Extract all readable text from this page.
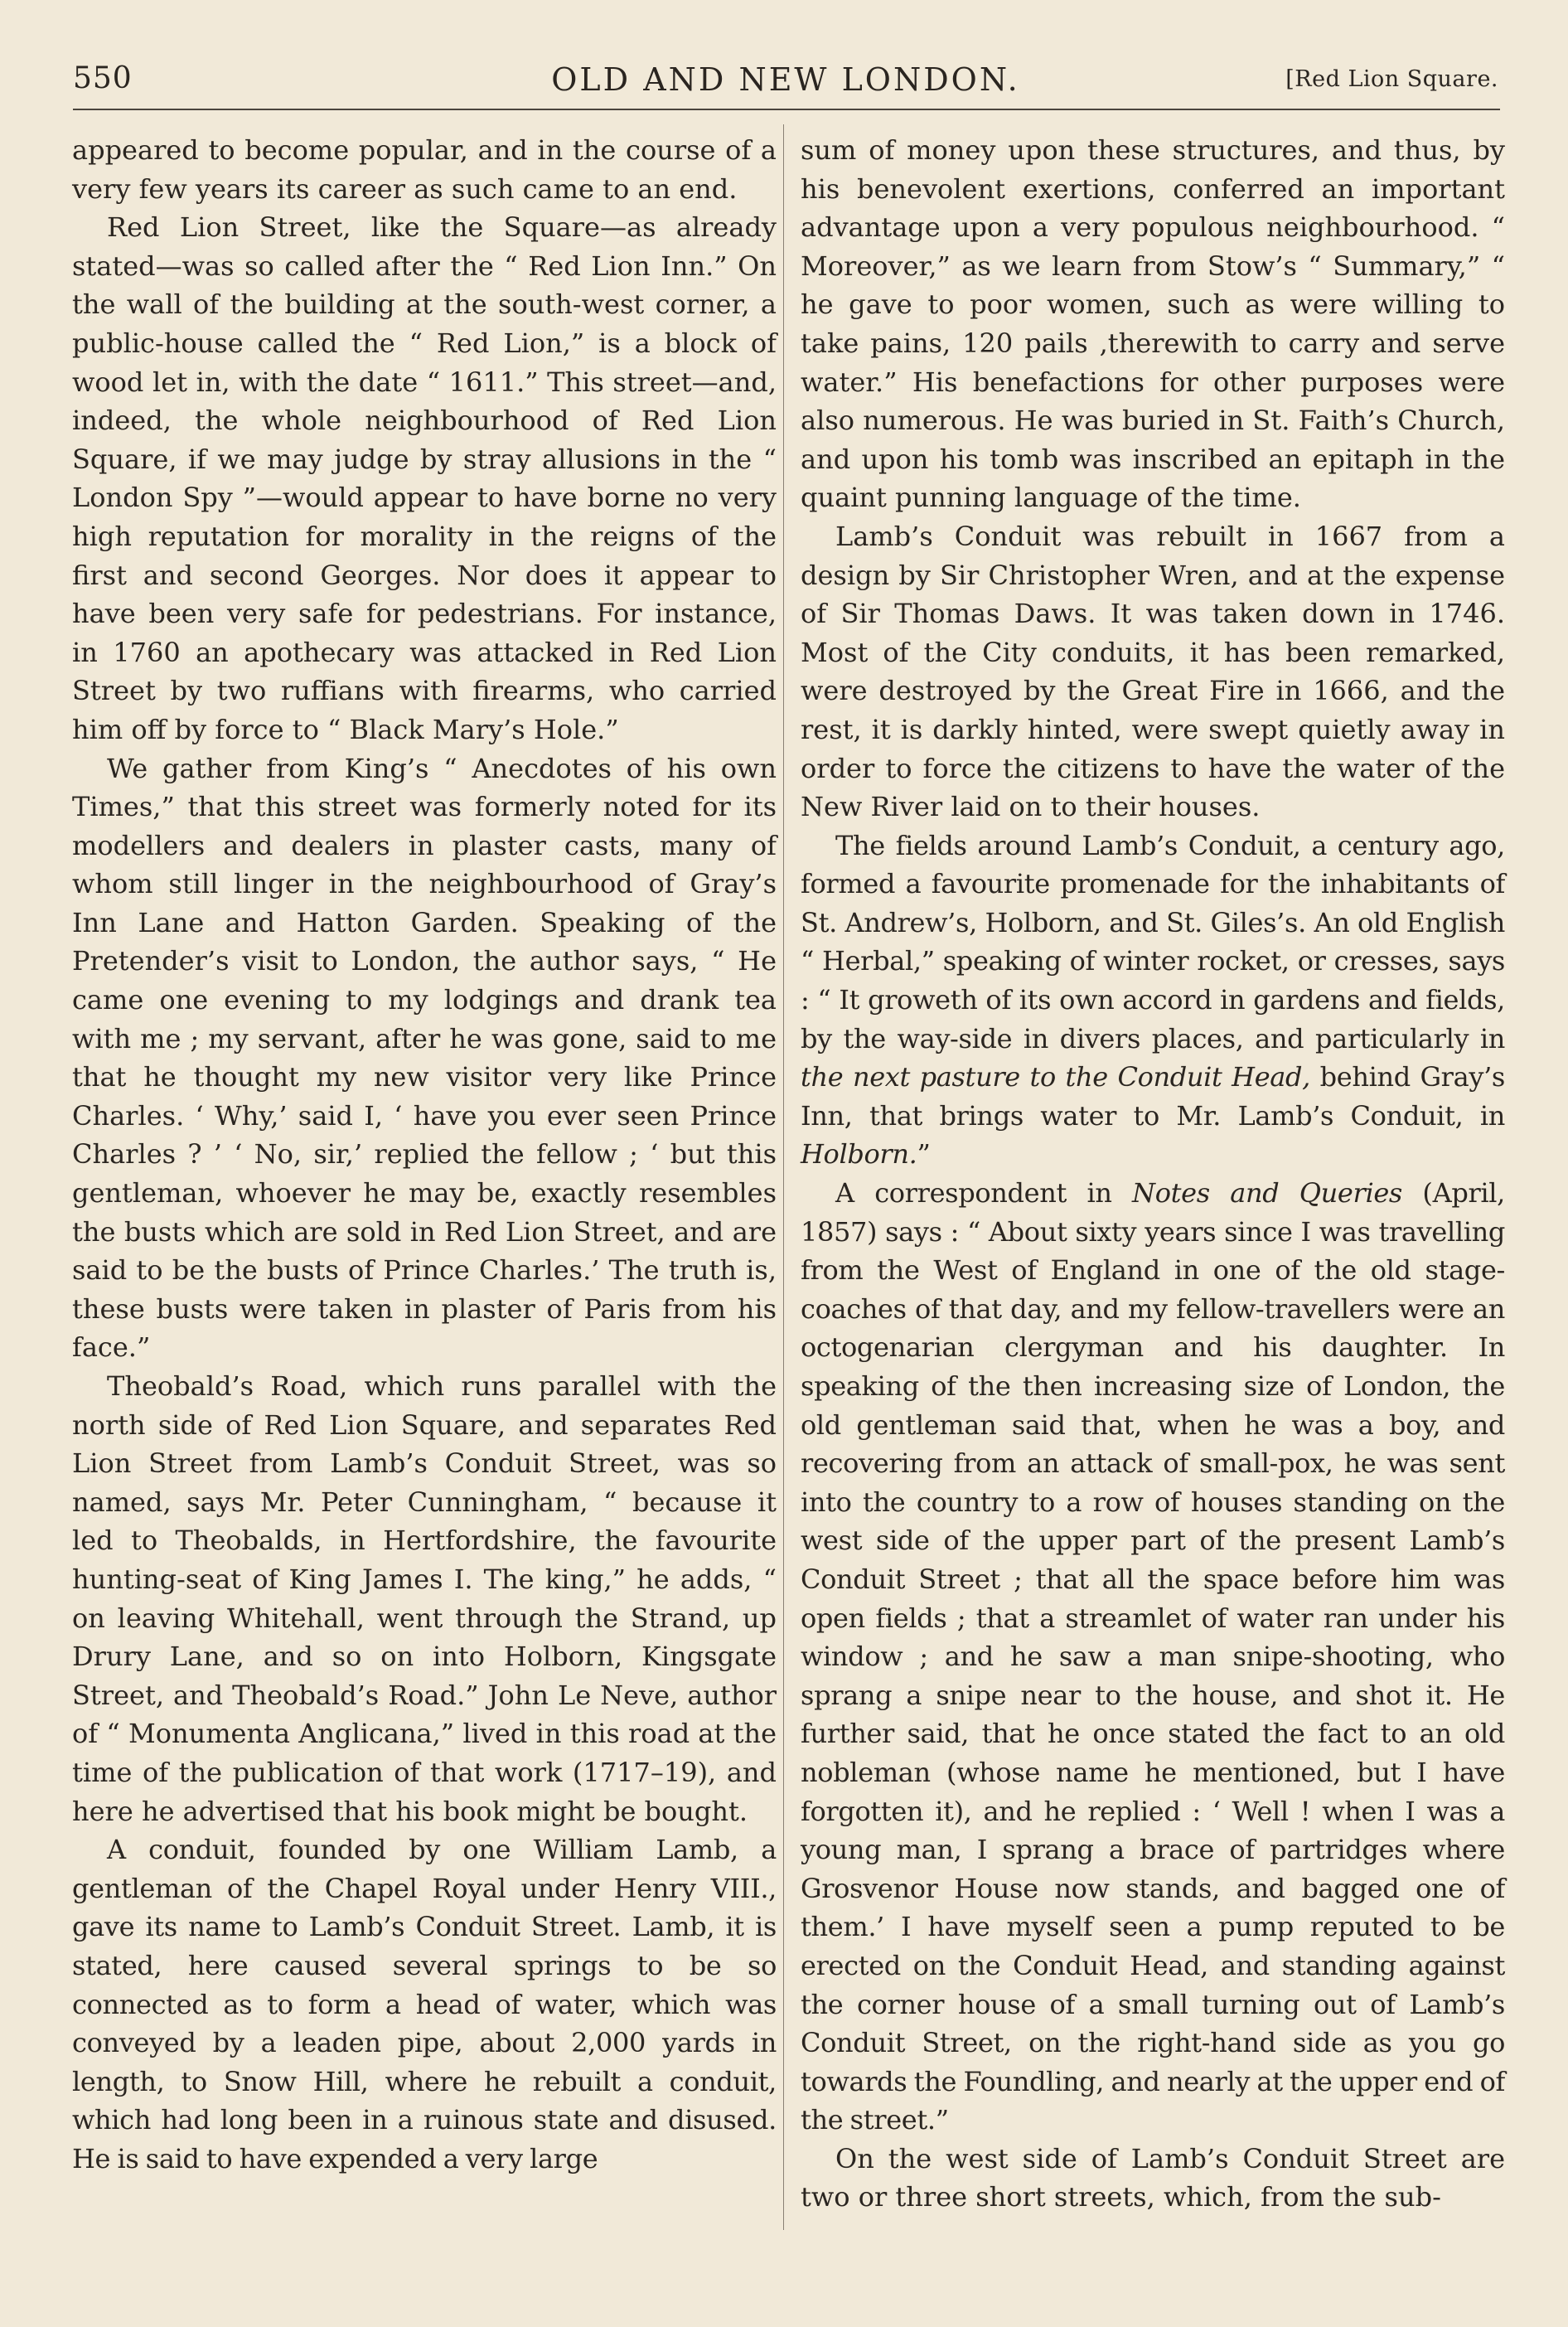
550	OLD AND NEW LONDON.	[Red Lion Square.

appeared to become popular, and in the course of a very few years its career as such came to an end.

Red Lion Street, like the Square—as already stated—was so called after the “ Red Lion Inn.” On the wall of the building at the south-west corner, a public-house called the “ Red Lion,” is a block of wood let in, with the date “ 1611.” This street—and, indeed, the whole neighbourhood of Red Lion Square, if we may judge by stray allusions in the “ London Spy ”—would appear to have borne no very high reputation for morality in the reigns of the first and second Georges. Nor does it appear to have been very safe for pedestrians. For instance, in 1760 an apothecary was attacked in Red Lion Street by two ruffians with firearms, who carried him off by force to “ Black Mary’s Hole.”

We gather from King’s “ Anecdotes of his own Times,” that this street was formerly noted for its modellers and dealers in plaster casts, many of whom still linger in the neighbourhood of Gray’s Inn Lane and Hatton Garden. Speaking of the Pretender’s visit to London, the author says, “ He came one evening to my lodgings and drank tea with me ; my servant, after he was gone, said to me that he thought my new visitor very like Prince Charles. ‘ Why,’ said I, ‘ have you ever seen Prince Charles ? ’ ‘ No, sir,’ replied the fellow ; ‘ but this gentleman, whoever he may be, exactly resembles the busts which are sold in Red Lion Street, and are said to be the busts of Prince Charles.’ The truth is, these busts were taken in plaster of Paris from his face.”

Theobald’s Road, which runs parallel with the north side of Red Lion Square, and separates Red Lion Street from Lamb’s Conduit Street, was so named, says Mr. Peter Cunningham, “ because it led to Theobalds, in Hertfordshire, the favourite hunting-seat of King James I. The king,” he adds, “ on leaving Whitehall, went through the Strand, up Drury Lane, and so on into Holborn, Kingsgate Street, and Theobald’s Road.” John Le Neve, author of “ Monumenta Anglicana,” lived in this road at the time of the publication of that work (1717–19), and here he advertised that his book might be bought.

A conduit, founded by one William Lamb, a gentleman of the Chapel Royal under Henry VIII., gave its name to Lamb’s Conduit Street. Lamb, it is stated, here caused several springs to be so connected as to form a head of water, which was conveyed by a leaden pipe, about 2,000 yards in length, to Snow Hill, where he rebuilt a conduit, which had long been in a ruinous state and disused. He is said to have expended a very large

sum of money upon these structures, and thus, by his benevolent exertions, conferred an important advantage upon a very populous neighbourhood. “ Moreover,” as we learn from Stow’s “ Summary,” “ he gave to poor women, such as were willing to take pains, 120 pails ,therewith to carry and serve water.” His benefactions for other purposes were also numerous. He was buried in St. Faith’s Church, and upon his tomb was inscribed an epitaph in the quaint punning language of the time.

Lamb’s Conduit was rebuilt in 1667 from a design by Sir Christopher Wren, and at the expense of Sir Thomas Daws. It was taken down in 1746. Most of the City conduits, it has been remarked, were destroyed by the Great Fire in 1666, and the rest, it is darkly hinted, were swept quietly away in order to force the citizens to have the water of the New River laid on to their houses.

The fields around Lamb’s Conduit, a century ago, formed a favourite promenade for the inhabitants of St. Andrew’s, Holborn, and St. Giles’s. An old English “ Herbal,” speaking of winter rocket, or cresses, says : “ It groweth of its own accord in gardens and fields, by the way-side in divers places, and particularly in the next pasture to the Conduit Head, behind Gray’s Inn, that brings water to Mr. Lamb’s Conduit, in Holborn.”

A correspondent in Notes and Queries (April, 1857) says : “ About sixty years since I was travelling from the West of England in one of the old stage-coaches of that day, and my fellow-travellers were an octogenarian clergyman and his daughter. In speaking of the then increasing size of London, the old gentleman said that, when he was a boy, and recovering from an attack of small-pox, he was sent into the country to a row of houses standing on the west side of the upper part of the present Lamb’s Conduit Street ; that all the space before him was open fields ; that a streamlet of water ran under his window ; and he saw a man snipe-shooting, who sprang a snipe near to the house, and shot it. He further said, that he once stated the fact to an old nobleman (whose name he mentioned, but I have forgotten it), and he replied : ‘ Well ! when I was a young man, I sprang a brace of partridges where Grosvenor House now stands, and bagged one of them.’ I have myself seen a pump reputed to be erected on the Conduit Head, and standing against the corner house of a small turning out of Lamb’s Conduit Street, on the right-hand side as you go towards the Foundling, and nearly at the upper end of the street.”

On the west side of Lamb’s Conduit Street are two or three short streets, which, from the sub-
